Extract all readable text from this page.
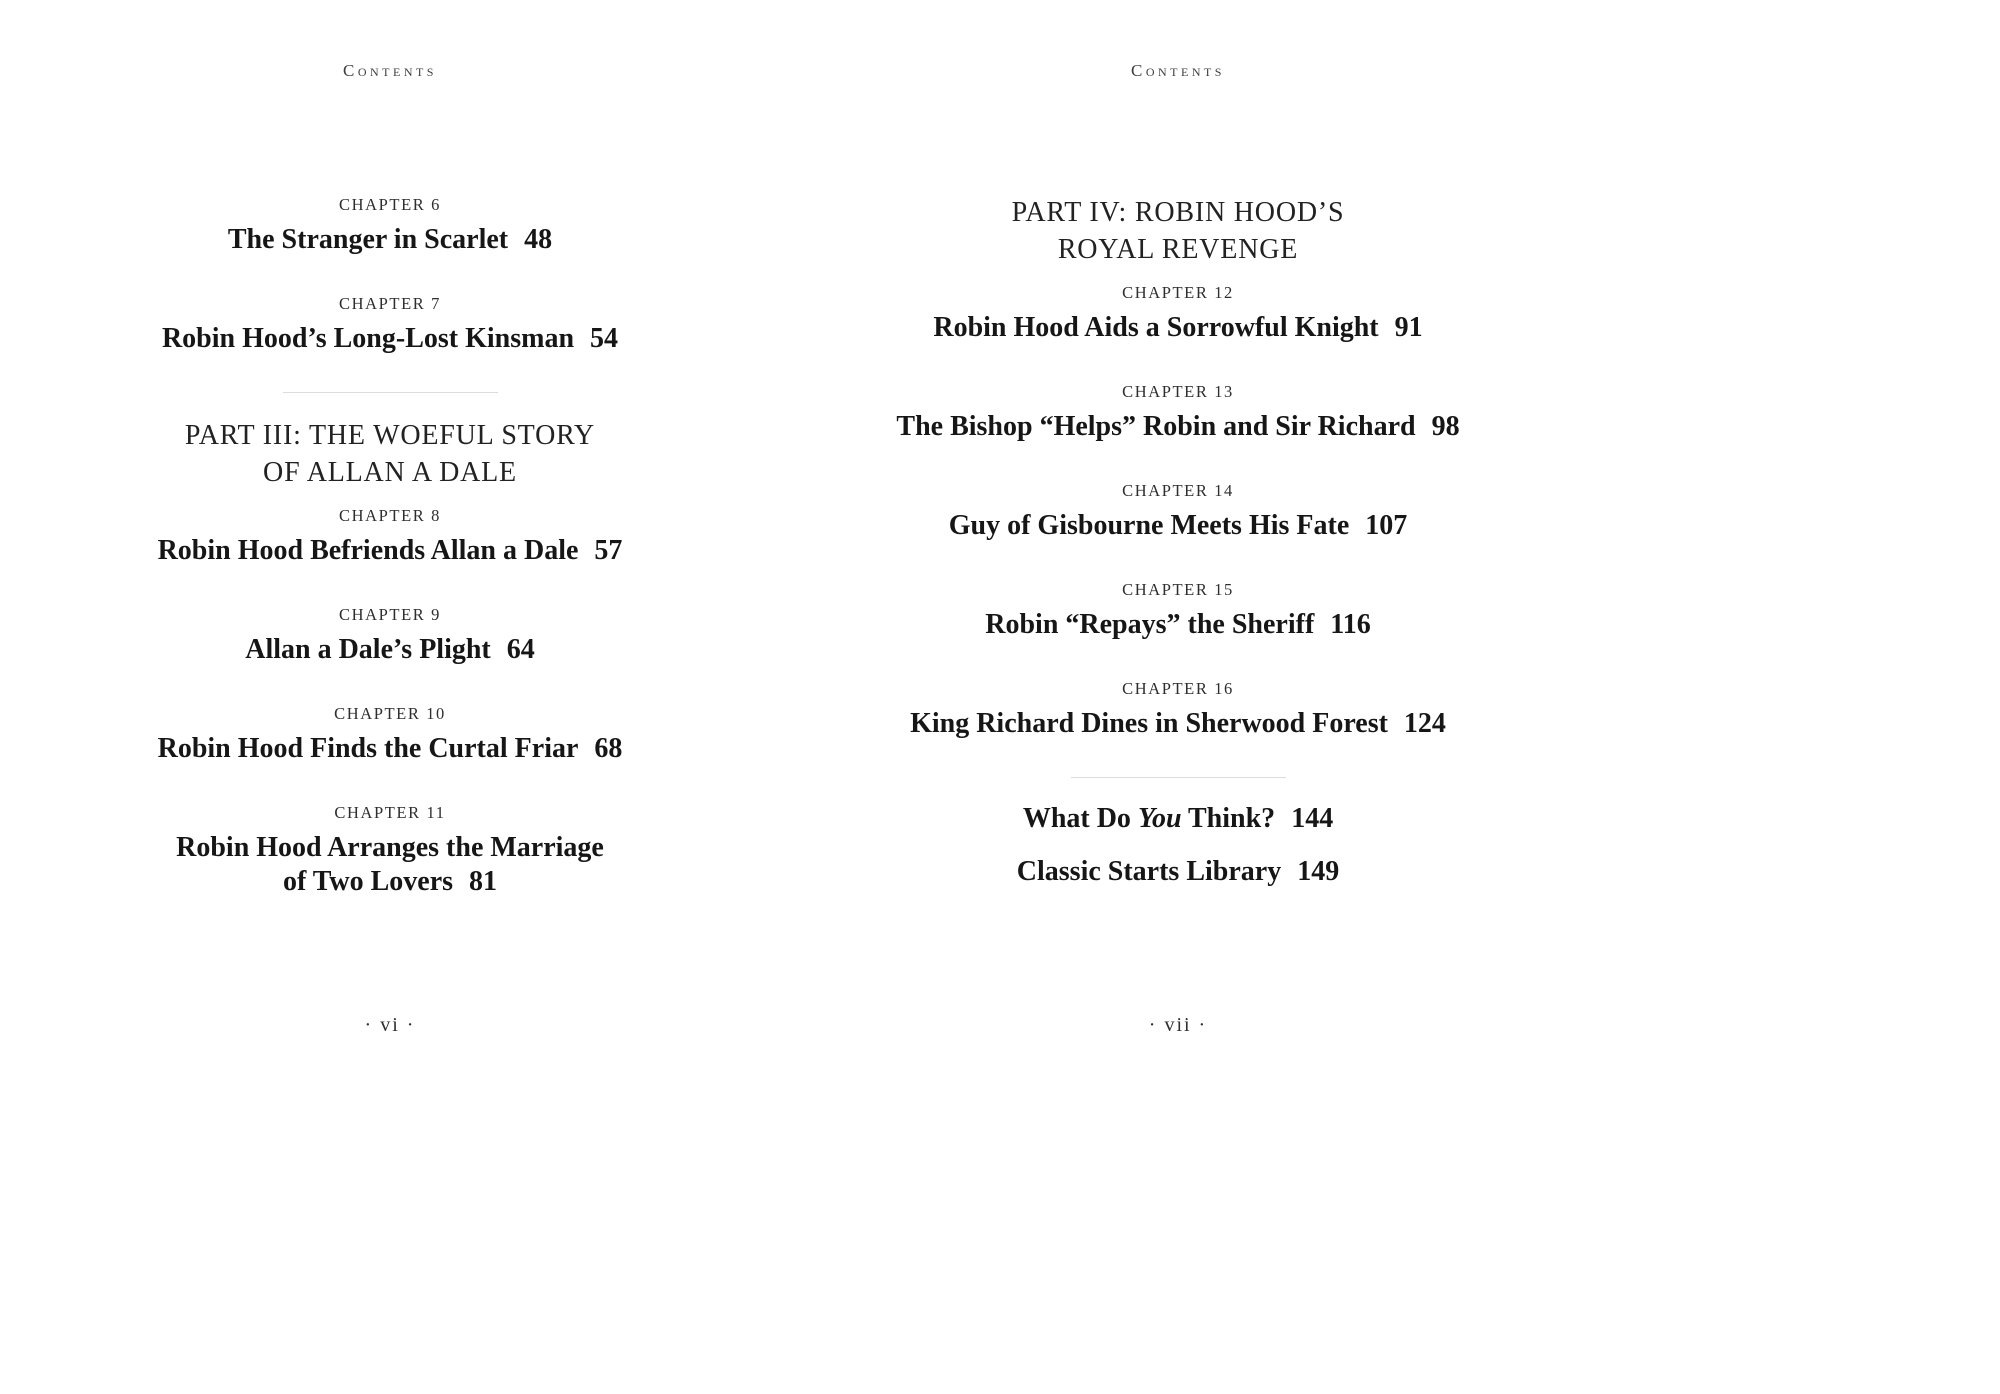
Contents
CHAPTER 6
The Stranger in Scarlet 48
CHAPTER 7
Robin Hood’s Long-Lost Kinsman 54
PART III: THE WOEFUL STORY
OF ALLAN A DALE
CHAPTER 8
Robin Hood Befriends Allan a Dale 57
CHAPTER 9
Allan a Dale’s Plight 64
CHAPTER 10
Robin Hood Finds the Curtal Friar 68
CHAPTER 11
Robin Hood Arranges the Marriage
of Two Lovers 81
· vi ·
Contents
PART IV: ROBIN HOOD’S
ROYAL REVENGE
CHAPTER 12
Robin Hood Aids a Sorrowful Knight 91
CHAPTER 13
The Bishop “Helps” Robin and Sir Richard 98
CHAPTER 14
Guy of Gisbourne Meets His Fate 107
CHAPTER 15
Robin “Repays” the Sheriff 116
CHAPTER 16
King Richard Dines in Sherwood Forest 124
What Do You Think? 144
Classic Starts Library 149
· vii ·
